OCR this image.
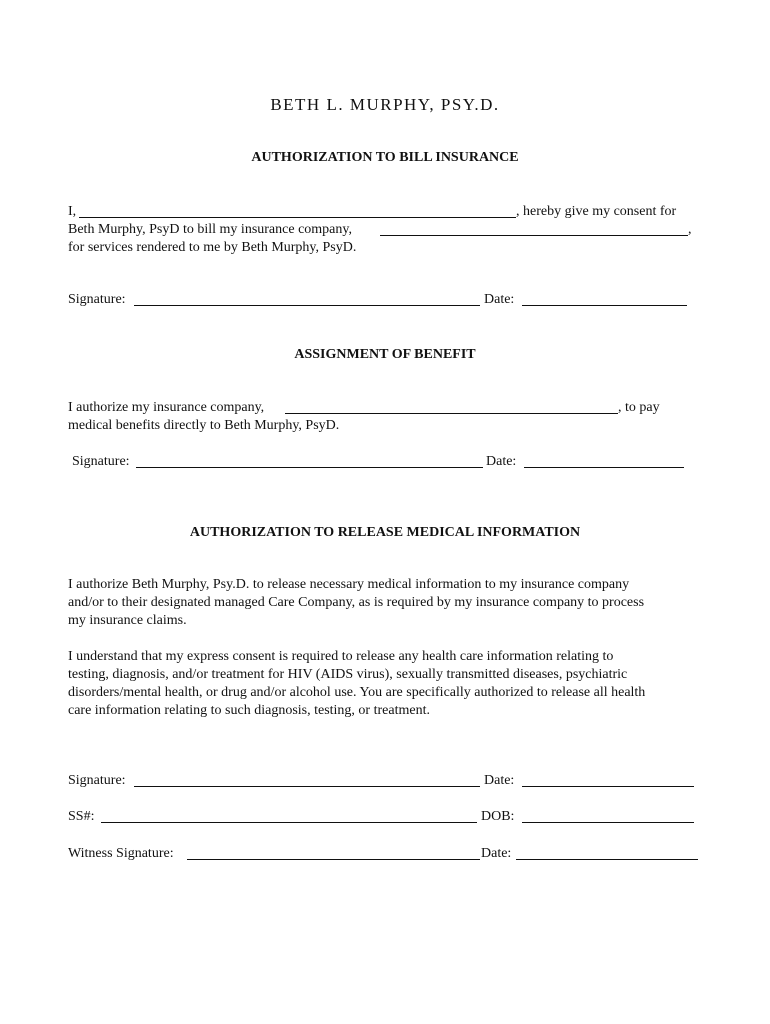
BETH L. MURPHY, PSY.D.
AUTHORIZATION TO BILL INSURANCE
I,	, hereby give my consent for
Beth Murphy, PsyD to bill my insurance company,	,
for services rendered to me by Beth Murphy, PsyD.
Signature:	Date:
ASSIGNMENT OF BENEFIT
I authorize my insurance company,	, to pay
medical benefits directly to Beth Murphy, PsyD.
Signature:	Date:
AUTHORIZATION TO RELEASE MEDICAL INFORMATION
I authorize Beth Murphy, Psy.D. to release necessary medical information to my insurance company
and/or to their designated managed Care Company, as is required by my insurance company to process
my insurance claims.
I understand that my express consent is required to release any health care information relating to
testing, diagnosis, and/or treatment for HIV (AIDS virus), sexually transmitted diseases, psychiatric
disorders/mental health, or drug and/or alcohol use. You are specifically authorized to release all health
care information relating to such diagnosis, testing, or treatment.
Signature:	Date:
SS#:	DOB:
Witness Signature:	Date:
